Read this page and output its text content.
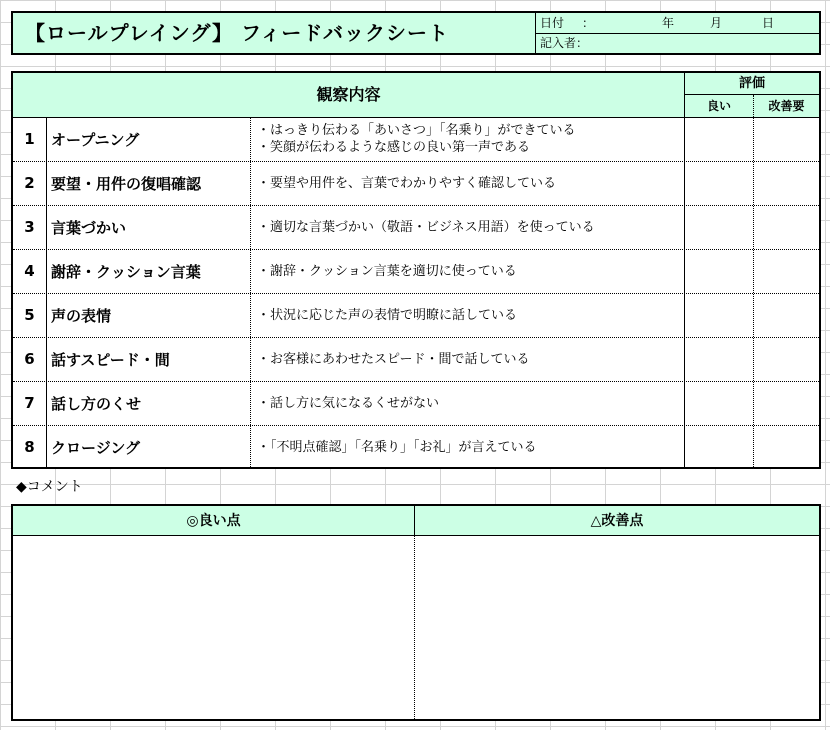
【ロールプレイング】 フィードバックシート	日付 ：	年	月	日
記入者：
観察内容
評価
良い	改善要
1	オープニング
・はっきり伝わる「あいさつ」「名乗り」ができている
・笑顔が伝わるような感じの良い第一声である
2	要望・用件の復唱確認	・要望や用件を、言葉でわかりやすく確認している
3	言葉づかい	・適切な言葉づかい（敬語・ビジネス用語）を使っている
4	謝辞・クッション言葉	・謝辞・クッション言葉を適切に使っている
5	声の表情	・状況に応じた声の表情で明瞭に話している
6	話すスピード・間	・お客様にあわせたスピード・間で話している
7	話し方のくせ	・話し方に気になるくせがない
8	クロージング	・「不明点確認」「名乗り」「お礼」が言えている
◆コメント
◎良い点	△改善点
